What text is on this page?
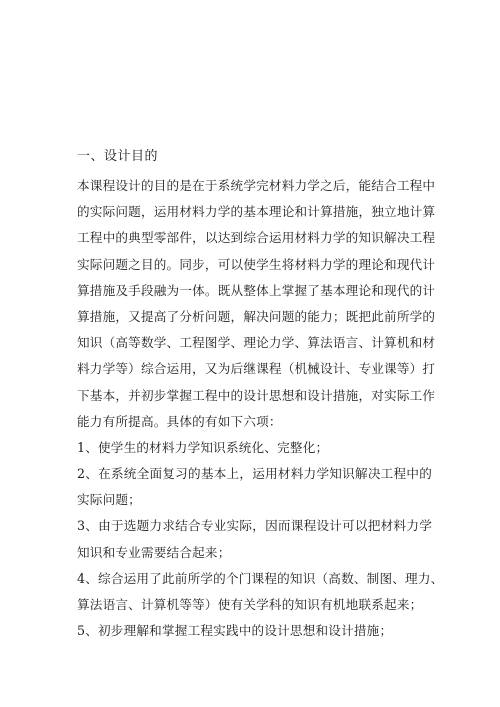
一、设计目的
本课程设计的目的是在于系统学完材料力学之后，能结合工程中
的实际问题，运用材料力学的基本理论和计算措施，独立地计算
工程中的典型零部件，以达到综合运用材料力学的知识解决工程
实际问题之目的。同步，可以使学生将材料力学的理论和现代计
算措施及手段融为一体。既从整体上掌握了基本理论和现代的计
算措施，又提高了分析问题，解决问题的能力；既把此前所学的
知识（高等数学、工程图学、理论力学、算法语言、计算机和材
料力学等）综合运用，又为后继课程（机械设计、专业课等）打
下基本，并初步掌握工程中的设计思想和设计措施，对实际工作
能力有所提高。具体的有如下六项：
1、使学生的材料力学知识系统化、完整化；
2、在系统全面复习的基本上，运用材料力学知识解决工程中的
实际问题；
3、由于选题力求结合专业实际，因而课程设计可以把材料力学
知识和专业需要结合起来；
4、综合运用了此前所学的个门课程的知识（高数、制图、理力、
算法语言、计算机等等）使有关学科的知识有机地联系起来；
5、初步理解和掌握工程实践中的设计思想和设计措施；
